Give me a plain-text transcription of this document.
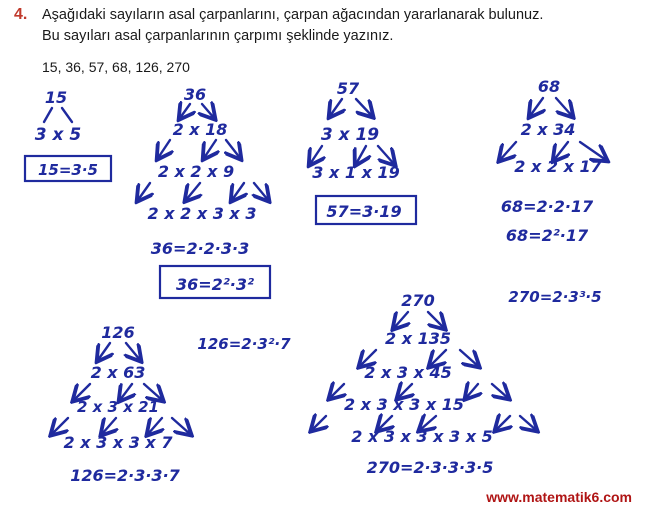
4. Aşağıdaki sayıların asal çarpanlarını, çarpan ağacından yararlanarak bulunuz.
Bu sayıları asal çarpanlarının çarpımı şeklinde yazınız.
15, 36, 57, 68, 126, 270
15
3 x 5
15=3·5
36
2 x 18
2 x 2 x 9
2 x 2 x 3 x 3
36=2·2·3·3
36=2²·3²
57
3 x 19
3 x 1 x 19
57=3·19
68
2 x 34
2 x 2 x 17
68=2·2·17
68=2²·17
126
2 x 63
2 x 3 x 21
2 x 3 x 3 x 7
126=2·3·3·7
126=2·3²·7
270
2 x 135
2 x 3 x 45
2 x 3 x 3 x 15
2 x 3 x 3 x 3 x 5
270=2·3·3·3·5
270=2·3³·5
www.matematik6.com
